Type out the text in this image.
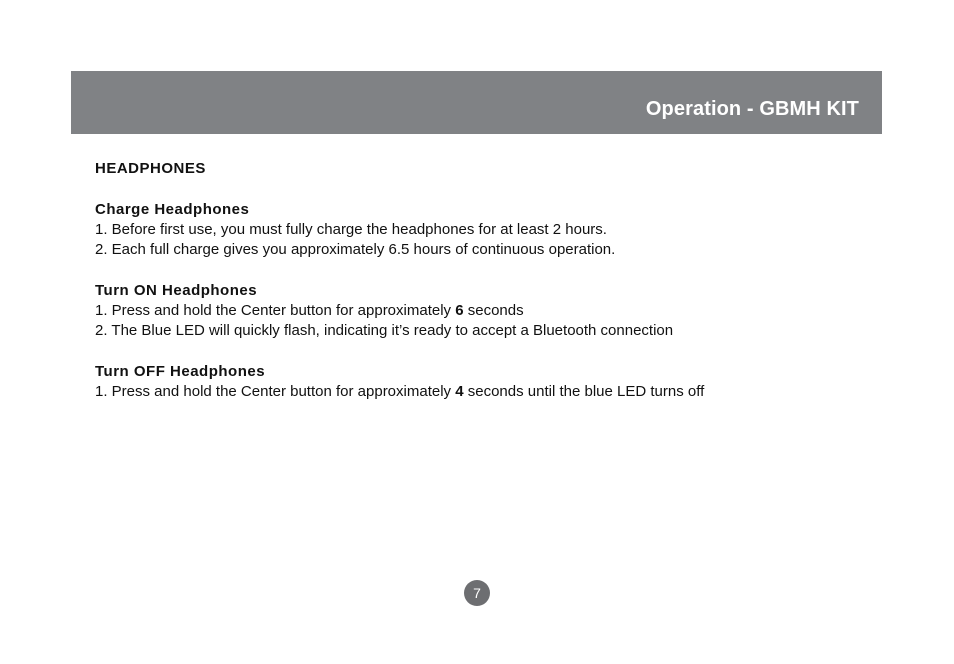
Operation - GBMH KIT
HEADPHONES
Charge Headphones
1. Before first use, you must fully charge the headphones for at least 2 hours.
2. Each full charge gives you approximately 6.5 hours of continuous operation.
Turn ON Headphones
1. Press and hold the Center button for approximately 6 seconds
2. The Blue LED will quickly flash, indicating it’s ready to accept a Bluetooth connection
Turn OFF Headphones
1. Press and hold the Center button for approximately 4 seconds until the blue LED turns off
7
